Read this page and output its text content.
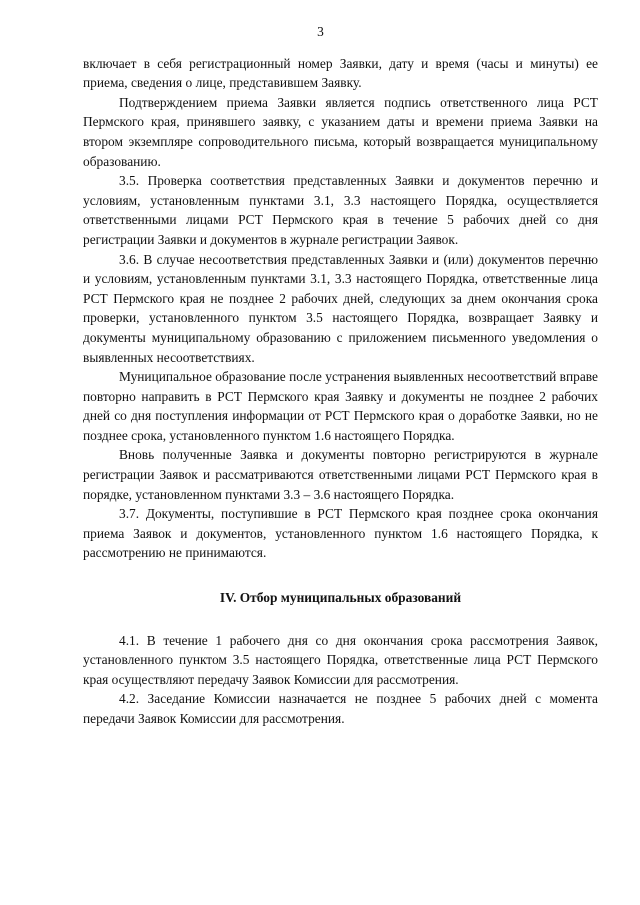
3

включает в себя регистрационный номер Заявки, дату и время (часы и минуты) ее приема, сведения о лице, представившем Заявку.

Подтверждением приема Заявки является подпись ответственного лица РСТ Пермского края, принявшего заявку, с указанием даты и времени приема Заявки на втором экземпляре сопроводительного письма, который возвращается муниципальному образованию.

3.5. Проверка соответствия представленных Заявки и документов перечню и условиям, установленным пунктами 3.1, 3.3 настоящего Порядка, осуществляется ответственными лицами РСТ Пермского края в течение 5 рабочих дней со дня регистрации Заявки и документов в журнале регистрации Заявок.

3.6. В случае несоответствия представленных Заявки и (или) документов перечню и условиям, установленным пунктами 3.1, 3.3 настоящего Порядка, ответственные лица РСТ Пермского края не позднее 2 рабочих дней, следующих за днем окончания срока проверки, установленного пунктом 3.5 настоящего Порядка, возвращает Заявку и документы муниципальному образованию с приложением письменного уведомления о выявленных несоответствиях.

Муниципальное образование после устранения выявленных несоответствий вправе повторно направить в РСТ Пермского края Заявку и документы не позднее 2 рабочих дней со дня поступления информации от РСТ Пермского края о доработке Заявки, но не позднее срока, установленного пунктом 1.6 настоящего Порядка.

Вновь полученные Заявка и документы повторно регистрируются в журнале регистрации Заявок и рассматриваются ответственными лицами РСТ Пермского края в порядке, установленном пунктами 3.3 – 3.6 настоящего Порядка.

3.7. Документы, поступившие в РСТ Пермского края позднее срока окончания приема Заявок и документов, установленного пунктом 1.6 настоящего Порядка, к рассмотрению не принимаются.

IV. Отбор муниципальных образований

4.1. В течение 1 рабочего дня со дня окончания срока рассмотрения Заявок, установленного пунктом 3.5 настоящего Порядка, ответственные лица РСТ Пермского края осуществляют передачу Заявок Комиссии для рассмотрения.

4.2. Заседание Комиссии назначается не позднее 5 рабочих дней с момента передачи Заявок Комиссии для рассмотрения.
